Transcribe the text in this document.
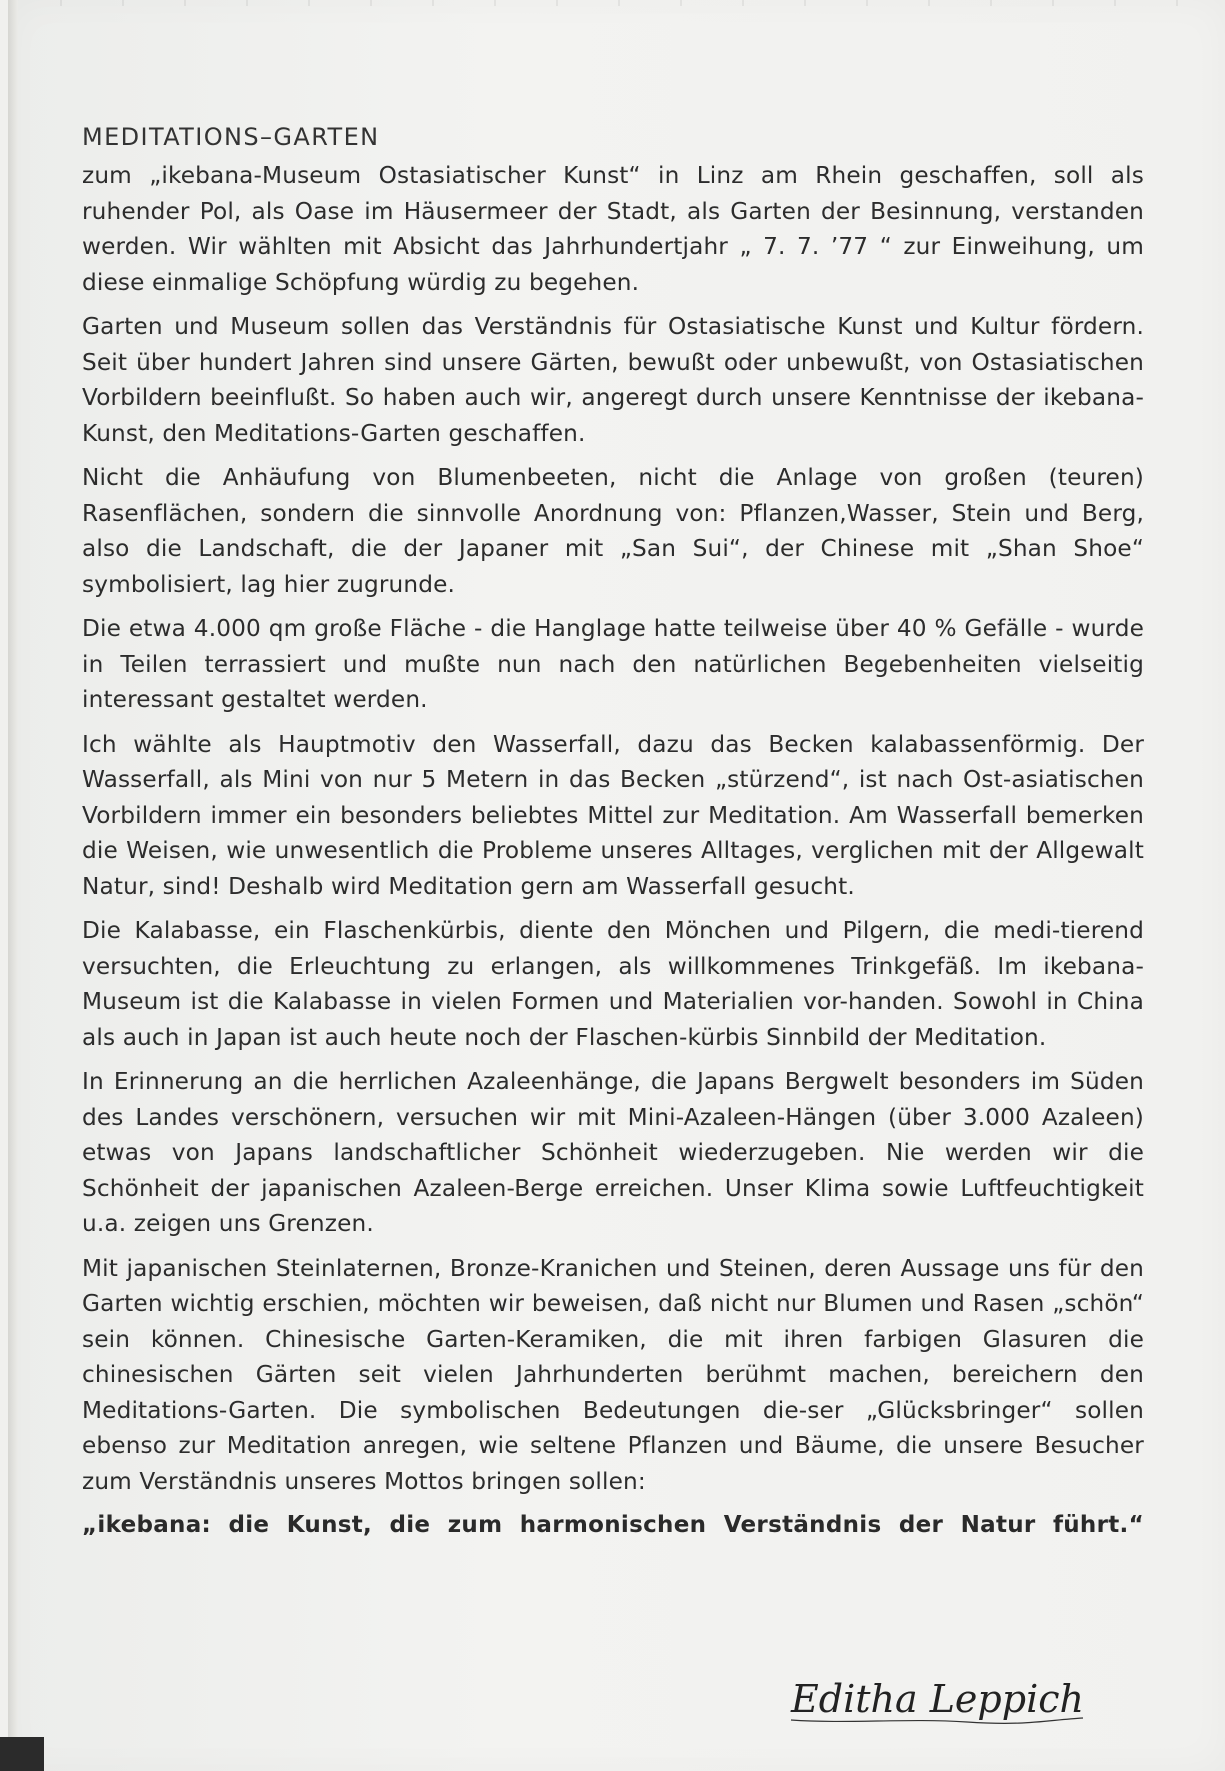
MEDITATIONS–GARTEN

zum „ikebana-Museum Ostasiatischer Kunst“ in Linz am Rhein geschaffen, soll als ruhender Pol, als Oase im Häusermeer der Stadt, als Garten der Besinnung, verstanden werden. Wir wählten mit Absicht das Jahrhundertjahr „ 7. 7. ’77 “ zur Einweihung, um diese einmalige Schöpfung würdig zu begehen.

Garten und Museum sollen das Verständnis für Ostasiatische Kunst und Kultur fördern. Seit über hundert Jahren sind unsere Gärten, bewußt oder unbewußt, von Ostasiatischen Vorbildern beeinflußt. So haben auch wir, angeregt durch unsere Kenntnisse der ikebana-Kunst, den Meditations-Garten geschaffen.

Nicht die Anhäufung von Blumenbeeten, nicht die Anlage von großen (teuren) Rasenflächen, sondern die sinnvolle Anordnung von: Pflanzen,Wasser, Stein und Berg, also die Landschaft, die der Japaner mit „San Sui“, der Chinese mit „Shan Shoe“ symbolisiert, lag hier zugrunde.

Die etwa 4.000 qm große Fläche - die Hanglage hatte teilweise über 40 % Gefälle - wurde in Teilen terrassiert und mußte nun nach den natürlichen Begebenheiten vielseitig interessant gestaltet werden.

Ich wählte als Hauptmotiv den Wasserfall, dazu das Becken kalabassenförmig. Der Wasserfall, als Mini von nur 5 Metern in das Becken „stürzend“, ist nach Ost-asiatischen Vorbildern immer ein besonders beliebtes Mittel zur Meditation. Am Wasserfall bemerken die Weisen, wie unwesentlich die Probleme unseres Alltages, verglichen mit der Allgewalt Natur, sind! Deshalb wird Meditation gern am Wasserfall gesucht.

Die Kalabasse, ein Flaschenkürbis, diente den Mönchen und Pilgern, die medi-tierend versuchten, die Erleuchtung zu erlangen, als willkommenes Trinkgefäß. Im ikebana-Museum ist die Kalabasse in vielen Formen und Materialien vor-handen. Sowohl in China als auch in Japan ist auch heute noch der Flaschen-kürbis Sinnbild der Meditation.

In Erinnerung an die herrlichen Azaleenhänge, die Japans Bergwelt besonders im Süden des Landes verschönern, versuchen wir mit Mini-Azaleen-Hängen (über 3.000 Azaleen) etwas von Japans landschaftlicher Schönheit wiederzugeben. Nie werden wir die Schönheit der japanischen Azaleen-Berge erreichen. Unser Klima sowie Luftfeuchtigkeit u.a. zeigen uns Grenzen.

Mit japanischen Steinlaternen, Bronze-Kranichen und Steinen, deren Aussage uns für den Garten wichtig erschien, möchten wir beweisen, daß nicht nur Blumen und Rasen „schön“ sein können. Chinesische Garten-Keramiken, die mit ihren farbigen Glasuren die chinesischen Gärten seit vielen Jahrhunderten berühmt machen, bereichern den Meditations-Garten. Die symbolischen Bedeutungen die-ser „Glücksbringer“ sollen ebenso zur Meditation anregen, wie seltene Pflanzen und Bäume, die unsere Besucher zum Verständnis unseres Mottos bringen sollen:

„ikebana: die Kunst, die zum harmonischen Verständnis der Natur führt.“

Editha Leppich
